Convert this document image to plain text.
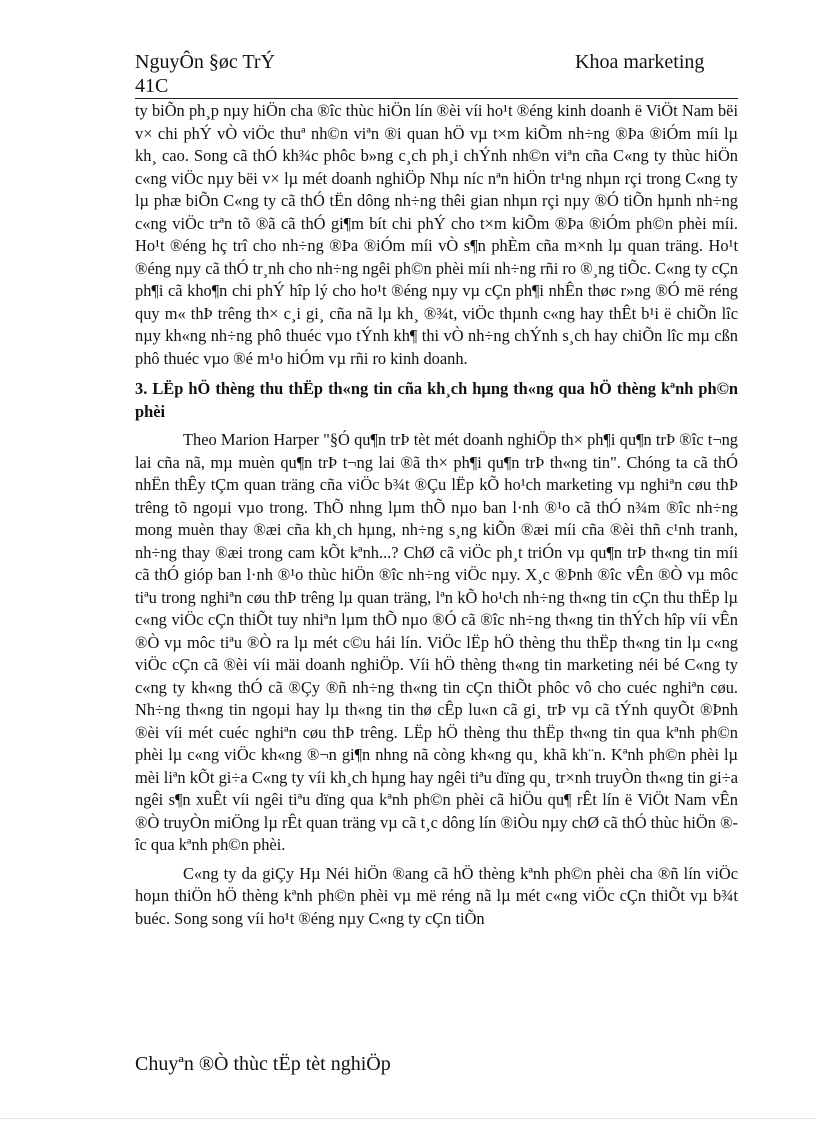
NguyÔn §øc TrÝ	Khoa marketing
41C

ty biÕn ph¸p nµy hiÖn cha ®îc thùc hiÖn lín ®èi víi ho¹t ®éng kinh doanh ë ViÖt Nam bëi v× chi phÝ vÒ viÖc thuª nh©n viªn ®i quan hÖ vµ t×m kiÕm nh÷ng ®Þa ®iÓm míi lµ kh¸ cao. Song cã thÓ kh¾c phôc b»ng c¸ch ph¸i chÝnh nh©n viªn cña C«ng ty thùc hiÖn c«ng viÖc nµy bëi v× lµ mét doanh nghiÖp Nhµ níc nªn hiÖn tr¹ng nhµn rçi trong C«ng ty lµ phæ biÕn C«ng ty cã thÓ tËn dông nh÷ng thêi gian nhµn rçi nµy ®Ó tiÕn hµnh nh÷ng c«ng viÖc trªn tõ ®ã cã thÓ gi¶m bít chi phÝ cho t×m kiÕm ®Þa ®iÓm ph©n phèi míi. Ho¹t ®éng hç trî cho nh÷ng ®Þa ®iÓm míi vÒ s¶n phÈm cña m×nh lµ quan träng. Ho¹t ®éng nµy cã thÓ tr¸nh cho nh÷ng ngêi ph©n phèi míi nh÷ng rñi ro ®¸ng tiÕc. C«ng ty cÇn ph¶i cã kho¶n chi phÝ hîp lý cho ho¹t ®éng nµy vµ cÇn ph¶i nhÊn thøc r»ng ®Ó më réng quy m« thÞ trêng th× c¸i gi¸ cña nã lµ kh¸ ®¾t, viÖc thµnh c«ng hay thÊt b¹i ë chiÕn lîc nµy kh«ng nh÷ng phô thuéc vµo tÝnh kh¶ thi vÒ nh÷ng chÝnh s¸ch hay chiÕn lîc mµ cßn phô thuéc vµo ®é m¹o hiÓm vµ rñi ro kinh doanh.

3. LËp hÖ thèng thu thËp th«ng tin cña kh¸ch hµng th«ng qua hÖ thèng kªnh ph©n phèi

Theo Marion Harper "§Ó qu¶n trÞ tèt mét doanh nghiÖp th× ph¶i qu¶n trÞ ®îc t¬ng lai cña nã, mµ muèn qu¶n trÞ t¬ng lai ®ã th× ph¶i qu¶n trÞ th«ng tin". Chóng ta cã thÓ nhËn thÊy tÇm quan träng cña viÖc b¾t ®Çu lËp kÕ ho¹ch marketing vµ nghiªn cøu thÞ trêng tõ ngoµi vµo trong. ThÕ nhng lµm thÕ nµo ban l·nh ®¹o cã thÓ n¾m ®îc nh÷ng mong muèn thay ®æi cña kh¸ch hµng, nh÷ng s¸ng kiÕn ®æi míi cña ®èi thñ c¹nh tranh, nh÷ng thay ®æi trong cam kÕt kªnh...? ChØ cã viÖc ph¸t triÓn vµ qu¶n trÞ th«ng tin míi cã thÓ gióp ban l·nh ®¹o thùc hiÖn ®îc nh÷ng viÖc nµy. X¸c ®Þnh ®îc vÊn ®Ò vµ môc tiªu trong nghiªn cøu thÞ trêng lµ quan träng, lªn kÕ ho¹ch nh÷ng th«ng tin cÇn thu thËp lµ c«ng viÖc cÇn thiÕt tuy nhiªn lµm thÕ nµo ®Ó cã ®îc nh÷ng th«ng tin thÝch hîp víi vÊn ®Ò vµ môc tiªu ®Ò ra lµ mét c©u hái lín. ViÖc lËp hÖ thèng thu thËp th«ng tin lµ c«ng viÖc cÇn cã ®èi víi mäi doanh nghiÖp. Víi hÖ thèng th«ng tin marketing néi bé C«ng ty c«ng ty kh«ng thÓ cã ®Çy ®ñ nh÷ng th«ng tin cÇn thiÕt phôc vô cho cuéc nghiªn cøu. Nh÷ng th«ng tin ngoµi hay lµ th«ng tin thø cÊp lu«n cã gi¸ trÞ vµ cã tÝnh quyÕt ®Þnh ®èi víi mét cuéc nghiªn cøu thÞ trêng. LËp hÖ thèng thu thËp th«ng tin qua kªnh ph©n phèi lµ c«ng viÖc kh«ng ®¬n gi¶n nhng nã còng kh«ng qu¸ khã kh¨n. Kªnh ph©n phèi lµ mèi liªn kÕt gi÷a C«ng ty víi kh¸ch hµng hay ngêi tiªu dïng qu¸ tr×nh truyÒn th«ng tin gi÷a ngêi s¶n xuÊt víi ngêi tiªu dïng qua kªnh ph©n phèi cã hiÖu qu¶ rÊt lín ë ViÖt Nam vÊn ®Ò truyÒn miÖng lµ rÊt quan träng vµ cã t¸c dông lín ®iÒu nµy chØ cã thÓ thùc hiÖn ®îc qua kªnh ph©n phèi.

C«ng ty da giÇy Hµ Néi hiÖn ®ang cã hÖ thèng kªnh ph©n phèi cha ®ñ lín viÖc hoµn thiÖn hÖ thèng kªnh ph©n phèi vµ më réng nã lµ mét c«ng viÖc cÇn thiÕt vµ b¾t buéc. Song song víi ho¹t ®éng nµy C«ng ty cÇn tiÕn

Chuyªn ®Ò thùc tËp tèt nghiÖp
